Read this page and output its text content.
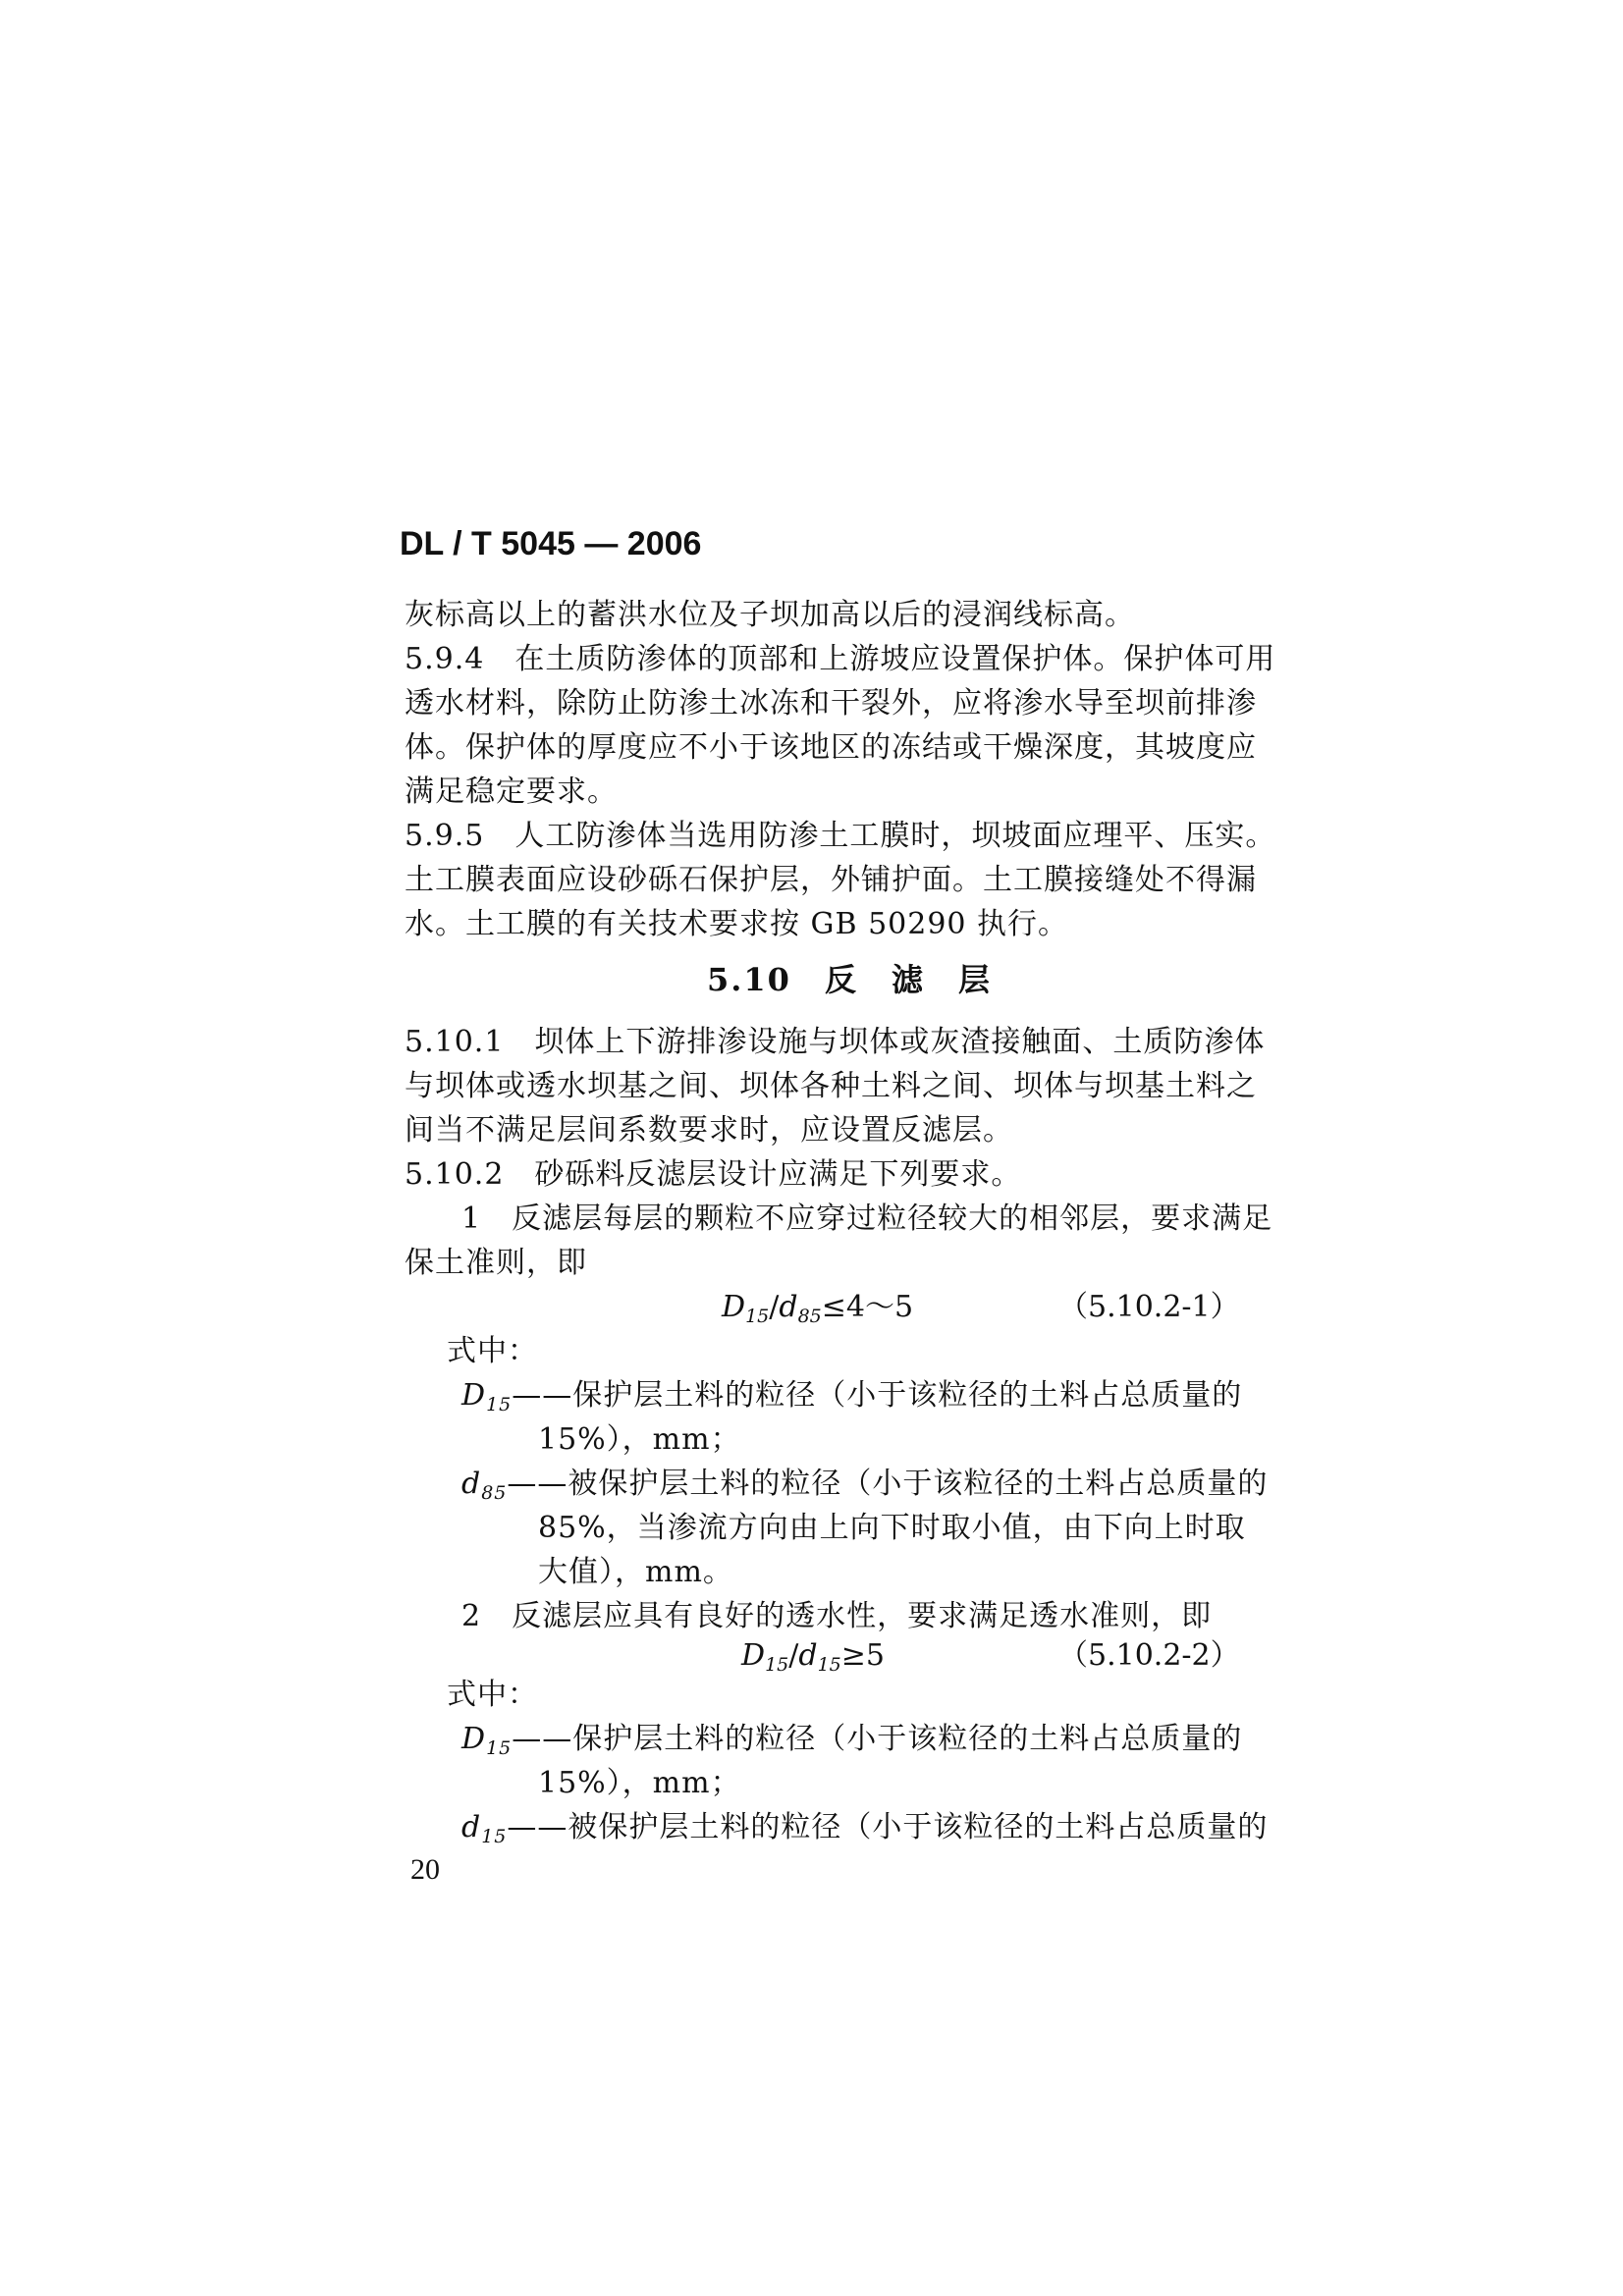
DL / T 5045 — 2006
灰标高以上的蓄洪水位及子坝加高以后的浸润线标高。
5.9.4　在土质防渗体的顶部和上游坡应设置保护体。保护体可用
透水材料，除防止防渗土冰冻和干裂外，应将渗水导至坝前排渗
体。保护体的厚度应不小于该地区的冻结或干燥深度，其坡度应
满足稳定要求。
5.9.5　人工防渗体当选用防渗土工膜时，坝坡面应理平、压实。
土工膜表面应设砂砾石保护层，外铺护面。土工膜接缝处不得漏
水。土工膜的有关技术要求按 GB 50290 执行。
5.10　反　滤　层
5.10.1　坝体上下游排渗设施与坝体或灰渣接触面、土质防渗体
与坝体或透水坝基之间、坝体各种土料之间、坝体与坝基土料之
间当不满足层间系数要求时，应设置反滤层。
5.10.2　砂砾料反滤层设计应满足下列要求。
1　反滤层每层的颗粒不应穿过粒径较大的相邻层，要求满足
保土准则，即
$D_{15}/d_{85}\le 4\sim 5$	（5.10.2-1）
式中：
$D_{15}——$保护层土料的粒径（小于该粒径的土料占总质量的
15%），mm；
$d_{85}——$被保护层土料的粒径（小于该粒径的土料占总质量的
85%，当渗流方向由上向下时取小值，由下向上时取
大值），mm。
2　反滤层应具有良好的透水性，要求满足透水准则，即
$D_{15}/d_{15}\ge 5$	（5.10.2-2）
式中：
$D_{15}——$保护层土料的粒径（小于该粒径的土料占总质量的
15%），mm；
$d_{15}——$被保护层土料的粒径（小于该粒径的土料占总质量的
20
